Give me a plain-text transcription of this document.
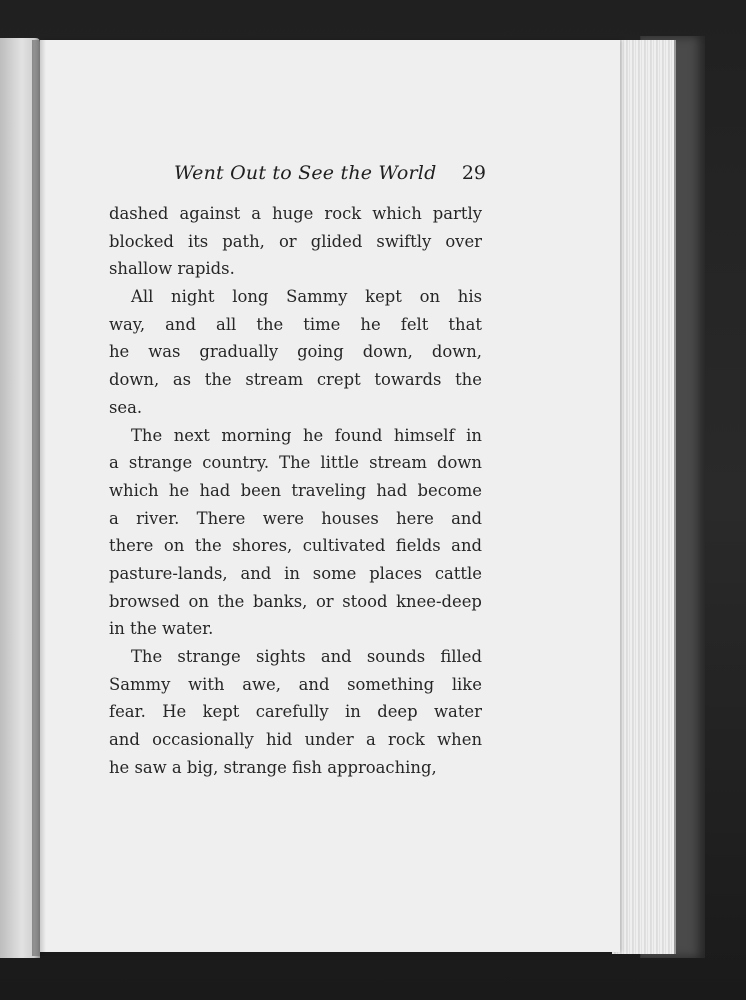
Went Out to See the World 29
dashed against a huge rock which partly
blocked its path, or glided swiftly over
shallow rapids.
All night long Sammy kept on his
way, and all the time he felt that
he was gradually going down, down,
down, as the stream crept towards the
sea.
The next morning he found himself in
a strange country. The little stream down
which he had been traveling had become
a river. There were houses here and
there on the shores, cultivated fields and
pasture-lands, and in some places cattle
browsed on the banks, or stood knee-deep
in the water.
The strange sights and sounds filled
Sammy with awe, and something like
fear. He kept carefully in deep water
and occasionally hid under a rock when
he saw a big, strange fish approaching,
